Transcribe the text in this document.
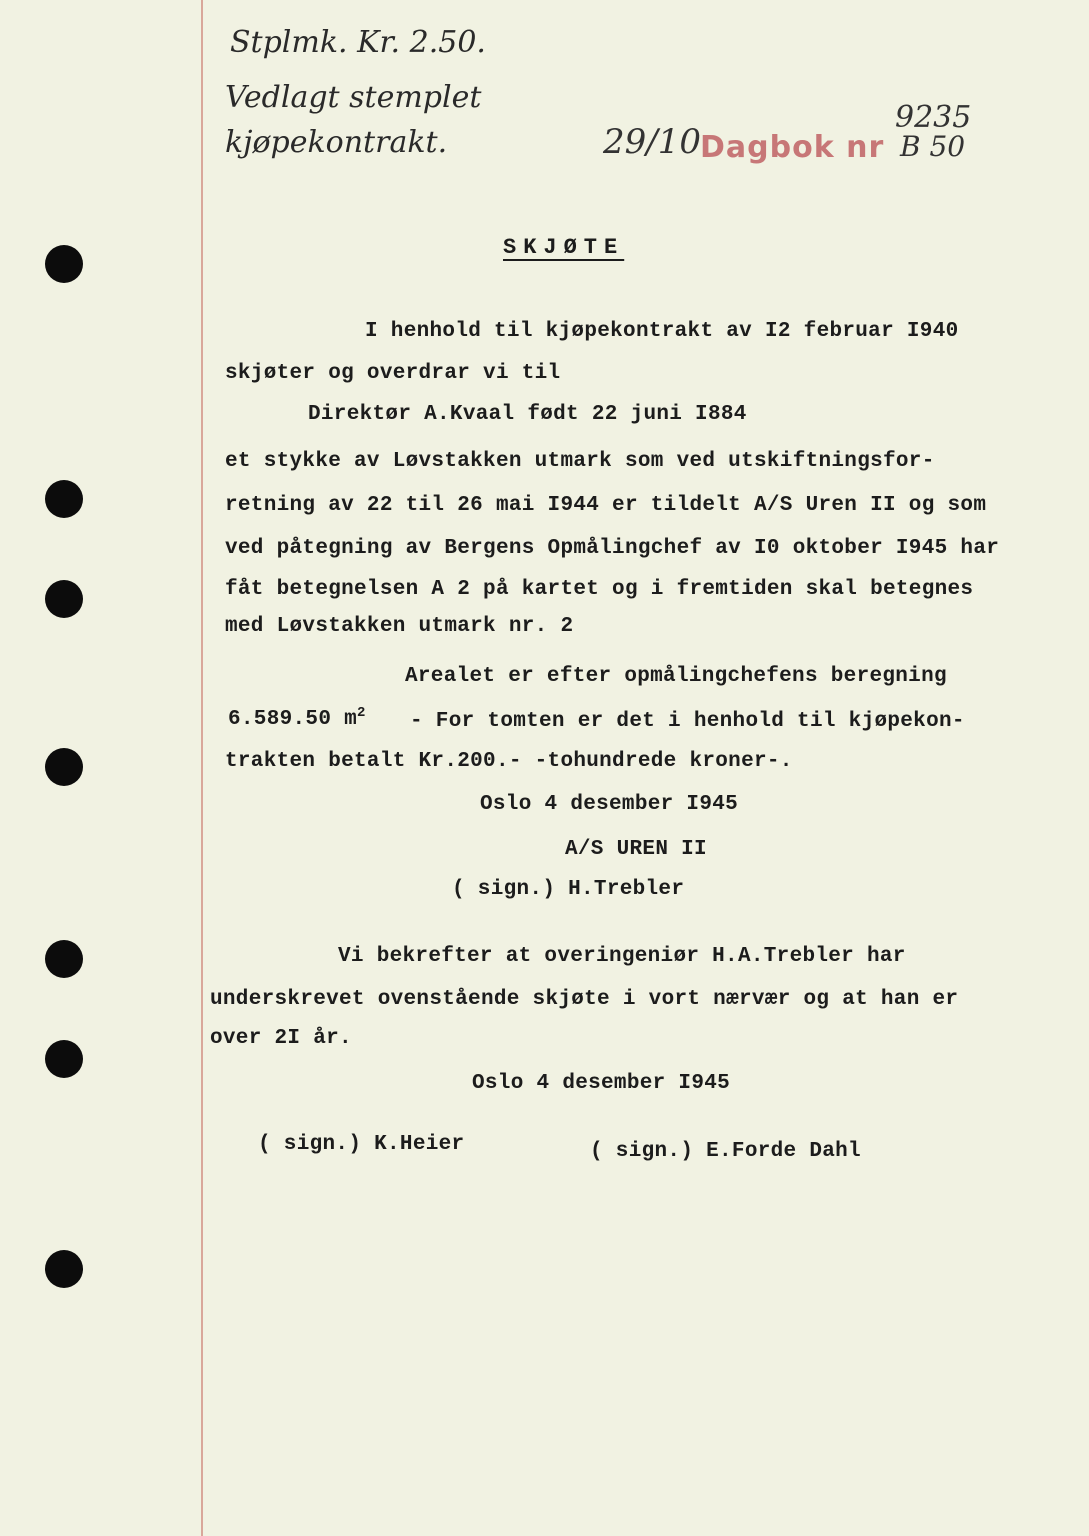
Stplmk. Kr. 2.50.
Vedlagt stemplet
kjøpekontrakt.	29/10 Dagbok nr
9235
B 50
SKJØTE
I henhold til kjøpekontrakt av I2 februar I940
skjøter og overdrar vi til
Direktør A.Kvaal født 22 juni I884
et stykke av Løvstakken utmark som ved utskiftningsfor-
retning av 22 til 26 mai I944 er tildelt A/S Uren II og som
ved påtegning av Bergens Opmålingchef av I0 oktober I945 har
fåt betegnelsen A 2 på kartet og i fremtiden skal betegnes
med Løvstakken utmark nr. 2
Arealet er efter opmålingchefens beregning
6.589.50 $m^2$ - For tomten er det i henhold til kjøpekon-
trakten betalt Kr.200.- -tohundrede kroner-.
Oslo 4 desember I945
A/S UREN II
( sign.) H.Trebler
Vi bekrefter at overingeniør H.A.Trebler har
underskrevet ovenstående skjøte i vort nærvær og at han er
over 2I år.
Oslo 4 desember I945
( sign.) K.Heier	( sign.) E.Forde Dahl
